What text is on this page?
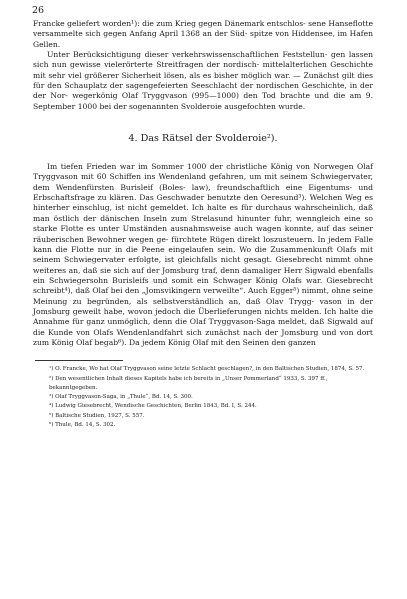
26

Francke geliefert worden¹): die zum Krieg gegen Dänemark entschlos- sene Hanseflotte versammelte sich gegen Anfang April 1368 an der Süd- spitze von Hiddensee, im Hafen Gellen.

Unter Berücksichtigung dieser verkehrswissenschaftlichen Feststellun- gen lassen sich nun gewisse vielerörterte Streitfragen der nordisch- mittelalterlichen Geschichte mit sehr viel größerer Sicherheit lösen, als es bisher möglich war. — Zunächst gilt dies für den Schauplatz der sagengefeierten Seeschlacht der nordischen Geschichte, in der der Nor- wegerkönig Olaf Tryggvason (995—1000) den Tod brachte und die am 9. September 1000 bei der sogenannten Svolderoie ausgefochten wurde.

4. Das Rätsel der Svolderoie²).

Im tiefen Frieden war im Sommer 1000 der christliche König von Norwegen Olaf Tryggvason mit 60 Schiffen ins Wendenland gefahren, um mit seinem Schwiegervater, dem Wendenfürsten Burisleif (Boles- law), freundschaftlich eine Eigentums- und Erbschaftsfrage zu klären. Das Geschwader benutzte den Oeresund³). Welchen Weg es hinterher einschlug, ist nicht gemeldet. Ich halte es für durchaus wahrscheinlich, daß man östlich der dänischen Inseln zum Strelasund hinunter fuhr, wenngleich eine so starke Flotte es unter Umständen ausnahmsweise auch wagen konnte, auf das seiner räuberischen Bewohner wegen ge- fürchtete Rügen direkt loszusteuern. In jedem Falle kann die Flotte nur in die Peene eingelaufen sein. Wo die Zusammenkunft Olafs mit seinem Schwiegervater erfolgte, ist gleichfalls nicht gesagt. Giesebrecht nimmt ohne weiteres an, daß sie sich auf der Jomsburg traf, denn damaliger Herr Sigwald ebenfalls ein Schwiegersohn Burisleifs und somit ein Schwager König Olafs war. Giesebrecht schreibt⁴), daß Olaf bei den „Jomsvikingern verweilte“. Auch Egger⁵) nimmt, ohne seine Meinung zu begründen, als selbstverständlich an, daß Olav Trygg- vason in der Jomsburg geweilt habe, wovon jedoch die Überlieferungen nichts melden. Ich halte die Annahme für ganz unmöglich, denn die Olaf Tryggvason-Saga meldet, daß Sigwald auf die Kunde von Olafs Wendenlandfahrt sich zunächst nach der Jomsburg und von dort zum König Olaf begab⁶). Da jedem König Olaf mit den Seinen den ganzen

¹) O. Francke, Wo hat Olaf Tryggvason seine letzte Schlacht geschlagen?, in den Baltischen Studien, 1874, S. 57.

²) Den wesentlichen Inhalt dieses Kapitels habe ich bereits in „Unser Pommerland“ 1933, S. 397 ff., bekanntgegeben.

³) Olaf Tryggvason-Saga, in „Thule“, Bd. 14, S. 300.

⁴) Ludwig Giesebrecht, Wendische Geschichten, Berlin 1843, Bd. I, S. 244.

⁵) Baltische Studien, 1927, S. 557.

⁶) Thule, Bd. 14, S. 302.
